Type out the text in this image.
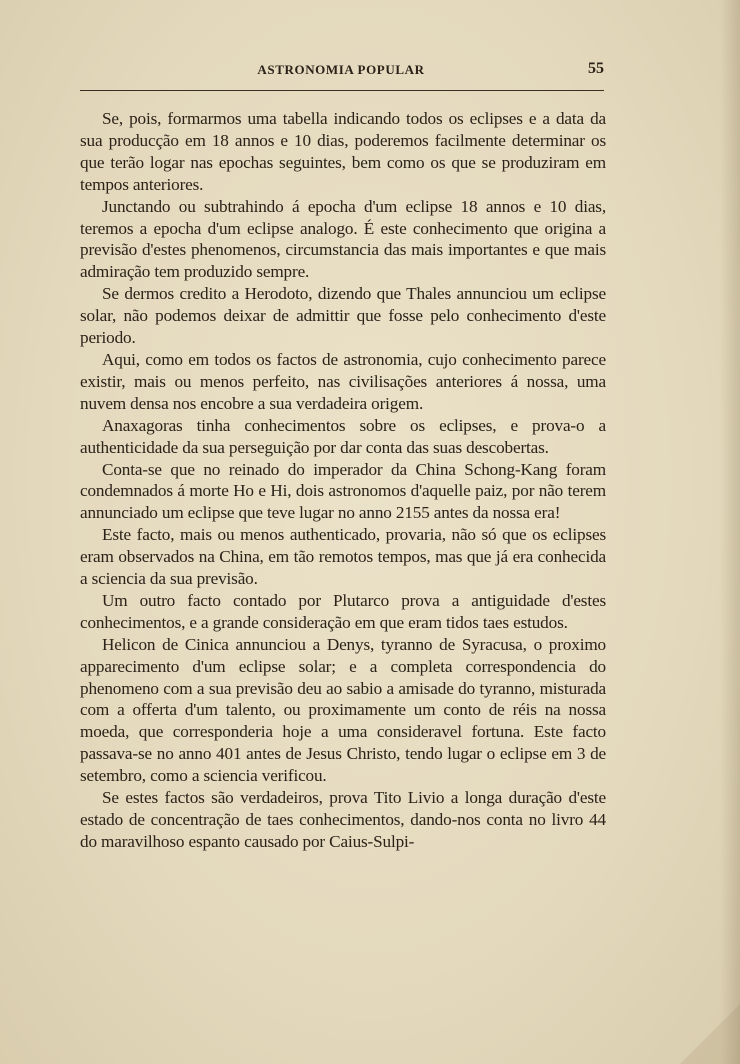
ASTRONOMIA POPULAR	55

Se, pois, formarmos uma tabella indicando todos os eclipses e a data da sua producção em 18 annos e 10 dias, poderemos facilmente determinar os que terão logar nas epochas seguintes, bem como os que se produziram em tempos anteriores.

Junctando ou subtrahindo á epocha d'um eclipse 18 annos e 10 dias, teremos a epocha d'um eclipse analogo. É este conhecimento que origina a previsão d'estes phenomenos, circumstancia das mais importantes e que mais admiração tem produzido sempre.

Se dermos credito a Herodoto, dizendo que Thales annunciou um eclipse solar, não podemos deixar de admittir que fosse pelo conhecimento d'este periodo.

Aqui, como em todos os factos de astronomia, cujo conhecimento parece existir, mais ou menos perfeito, nas civilisações anteriores á nossa, uma nuvem densa nos encobre a sua verdadeira origem.

Anaxagoras tinha conhecimentos sobre os eclipses, e prova-o a authenticidade da sua perseguição por dar conta das suas descobertas.

Conta-se que no reinado do imperador da China Schong-Kang foram condemnados á morte Ho e Hi, dois astronomos d'aquelle paiz, por não terem annunciado um eclipse que teve lugar no anno 2155 antes da nossa era!

Este facto, mais ou menos authenticado, provaria, não só que os eclipses eram observados na China, em tão remotos tempos, mas que já era conhecida a sciencia da sua previsão.

Um outro facto contado por Plutarco prova a antiguidade d'estes conhecimentos, e a grande consideração em que eram tidos taes estudos.

Helicon de Cinica annunciou a Denys, tyranno de Syracusa, o proximo apparecimento d'um eclipse solar; e a completa correspondencia do phenomeno com a sua previsão deu ao sabio a amisade do tyranno, misturada com a offerta d'um talento, ou proximamente um conto de réis na nossa moeda, que corresponderia hoje a uma consideravel fortuna. Este facto passava-se no anno 401 antes de Jesus Christo, tendo lugar o eclipse em 3 de setembro, como a sciencia verificou.

Se estes factos são verdadeiros, prova Tito Livio a longa duração d'este estado de concentração de taes conhecimentos, dando-nos conta no livro 44 do maravilhoso espanto causado por Caius-Sulpi-
